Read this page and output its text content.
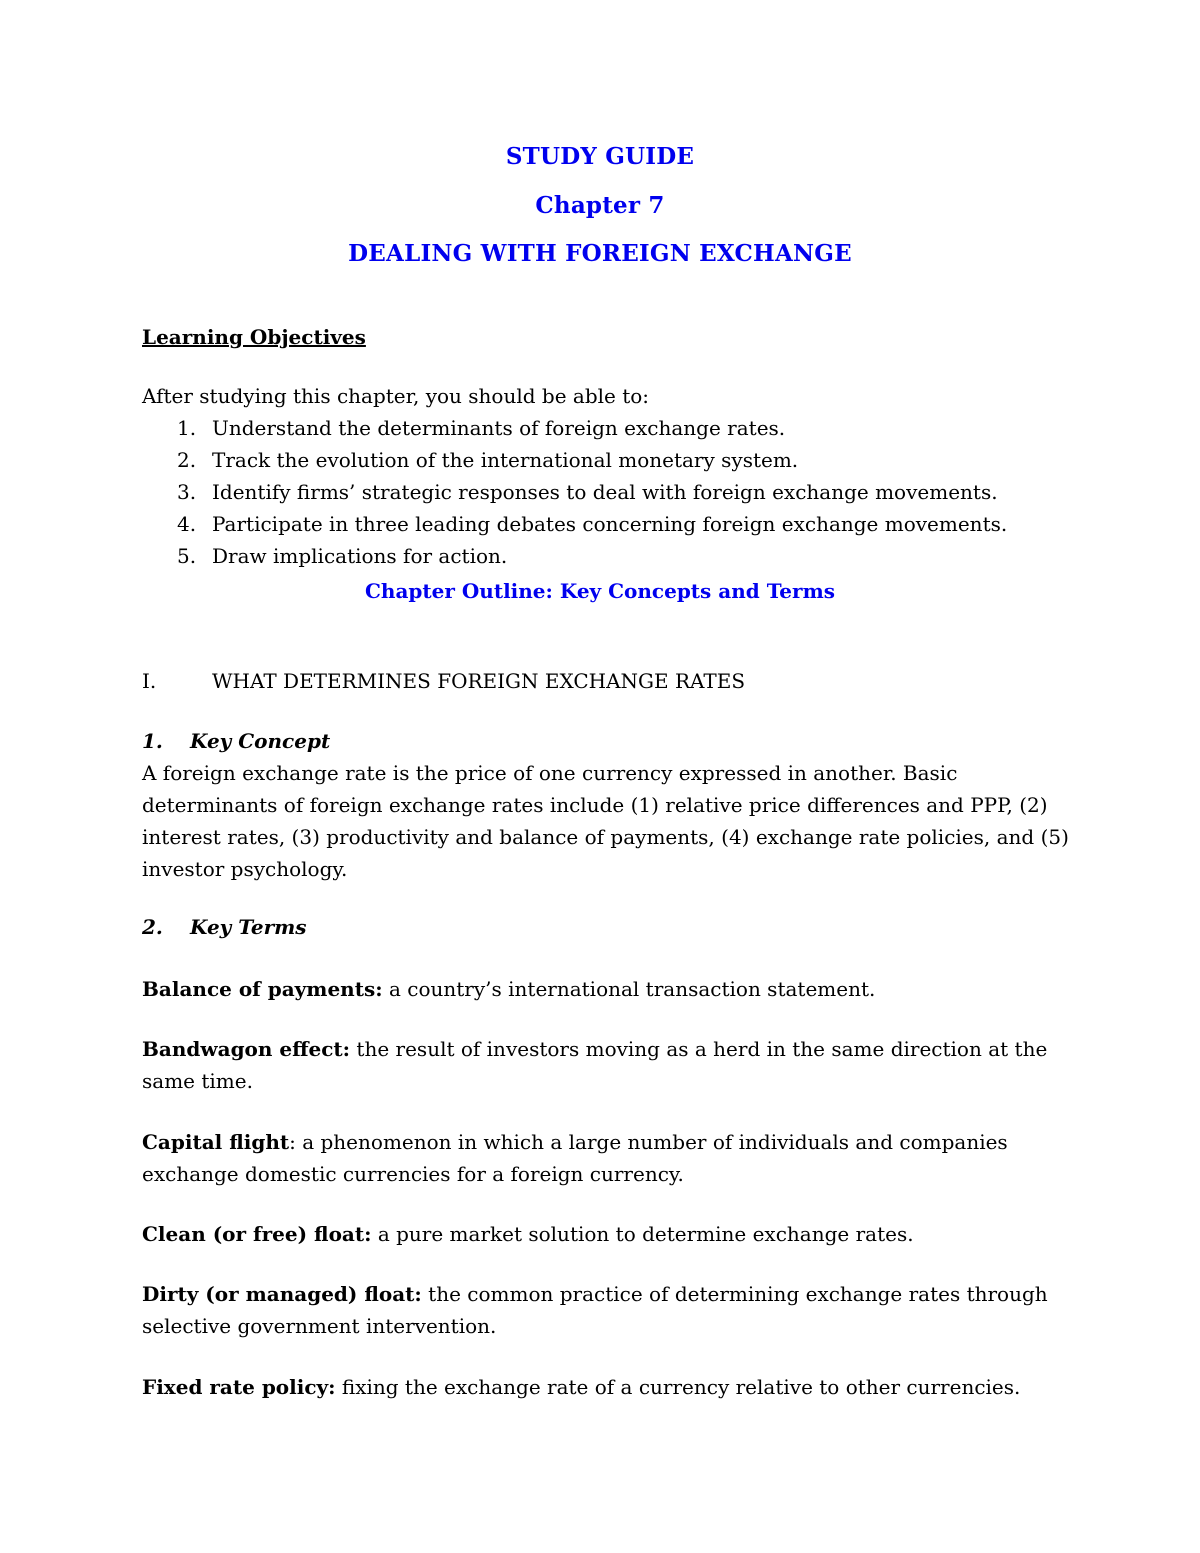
STUDY GUIDE
Chapter 7
DEALING WITH FOREIGN EXCHANGE
Learning Objectives
After studying this chapter, you should be able to:
1. Understand the determinants of foreign exchange rates.
2. Track the evolution of the international monetary system.
3. Identify firms’ strategic responses to deal with foreign exchange movements.
4. Participate in three leading debates concerning foreign exchange movements.
5. Draw implications for action.
Chapter Outline: Key Concepts and Terms
I.	WHAT DETERMINES FOREIGN EXCHANGE RATES
1. Key Concept
A foreign exchange rate is the price of one currency expressed in another. Basic determinants of foreign exchange rates include (1) relative price differences and PPP, (2) interest rates, (3) productivity and balance of payments, (4) exchange rate policies, and (5) investor psychology.
2. Key Terms
Balance of payments: a country’s international transaction statement.
Bandwagon effect: the result of investors moving as a herd in the same direction at the same time.
Capital flight: a phenomenon in which a large number of individuals and companies exchange domestic currencies for a foreign currency.
Clean (or free) float: a pure market solution to determine exchange rates.
Dirty (or managed) float: the common practice of determining exchange rates through selective government intervention.
Fixed rate policy: fixing the exchange rate of a currency relative to other currencies.
